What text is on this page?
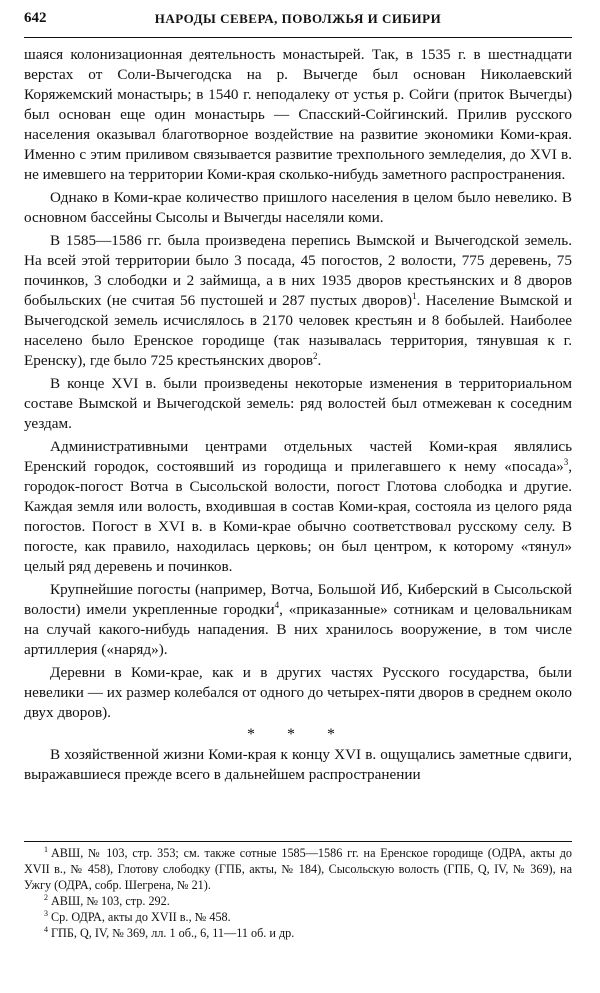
642	НАРОДЫ СЕВЕРА, ПОВОЛЖЬЯ И СИБИРИ

шаяся колонизационная деятельность монастырей. Так, в 1535 г. в шестнадцати верстах от Соли-Вычегодска на р. Вычегде был основан Николаевский Коряжемский монастырь; в 1540 г. неподалеку от устья р. Сойги (приток Вычегды) был основан еще один монастырь — Спасский-Сойгинский. Прилив русского населения оказывал благотворное воздействие на развитие экономики Коми-края. Именно с этим приливом связывается развитие трехпольного земледелия, до XVI в. не имевшего на территории Коми-края сколько-нибудь заметного распространения.

Однако в Коми-крае количество пришлого населения в целом было невелико. В основном бассейны Сысолы и Вычегды населяли коми.

В 1585—1586 гг. была произведена перепись Вымской и Вычегодской земель. На всей этой территории было 3 посада, 45 погостов, 2 волости, 775 деревень, 75 починков, 3 слободки и 2 займища, а в них 1935 дворов крестьянских и 8 дворов бобыльских (не считая 56 пустошей и 287 пустых дворов)$^1$. Население Вымской и Вычегодской земель исчислялось в 2170 человек крестьян и 8 бобылей. Наиболее населено было Еренское городище (так называлась территория, тянувшая к г. Еренску), где было 725 крестьянских дворов$^2$.

В конце XVI в. были произведены некоторые изменения в территориальном составе Вымской и Вычегодской земель: ряд волостей был отмежеван к соседним уездам.

Административными центрами отдельных частей Коми-края являлись Еренский городок, состоявший из городища и прилегавшего к нему «посада»$^3$, городок-погост Вотча в Сысольской волости, погост Глотова слободка и другие. Каждая земля или волость, входившая в состав Коми-края, состояла из целого ряда погостов. Погост в XVI в. в Коми-крае обычно соответствовал русскому селу. В погосте, как правило, находилась церковь; он был центром, к которому «тянул» целый ряд деревень и починков.

Крупнейшие погосты (например, Вотча, Большой Иб, Киберский в Сысольской волости) имели укрепленные городки$^4$, «приказанные» сотникам и целовальникам на случай какого-нибудь нападения. В них хранилось вооружение, в том числе артиллерия («наряд»).

Деревни в Коми-крае, как и в других частях Русского государства, были невелики — их размер колебался от одного до четырех-пяти дворов в среднем около двух дворов).

* * *

В хозяйственной жизни Коми-края к концу XVI в. ощущались заметные сдвиги, выражавшиеся прежде всего в дальнейшем распространении

$^1$ АВШ, № 103, стр. 353; см. также сотные 1585—1586 гг. на Еренское городище (ОДРА, акты до XVII в., № 458), Глотову слободку (ГПБ, акты, № 184), Сысольскую волость (ГПБ, Q, IV, № 369), на Ужгу (ОДРА, собр. Шегрена, № 21).

$^2$ АВШ, № 103, стр. 292.

$^3$ Ср. ОДРА, акты до XVII в., № 458.

$^4$ ГПБ, Q, IV, № 369, лл. 1 об., 6, 11—11 об. и др.
